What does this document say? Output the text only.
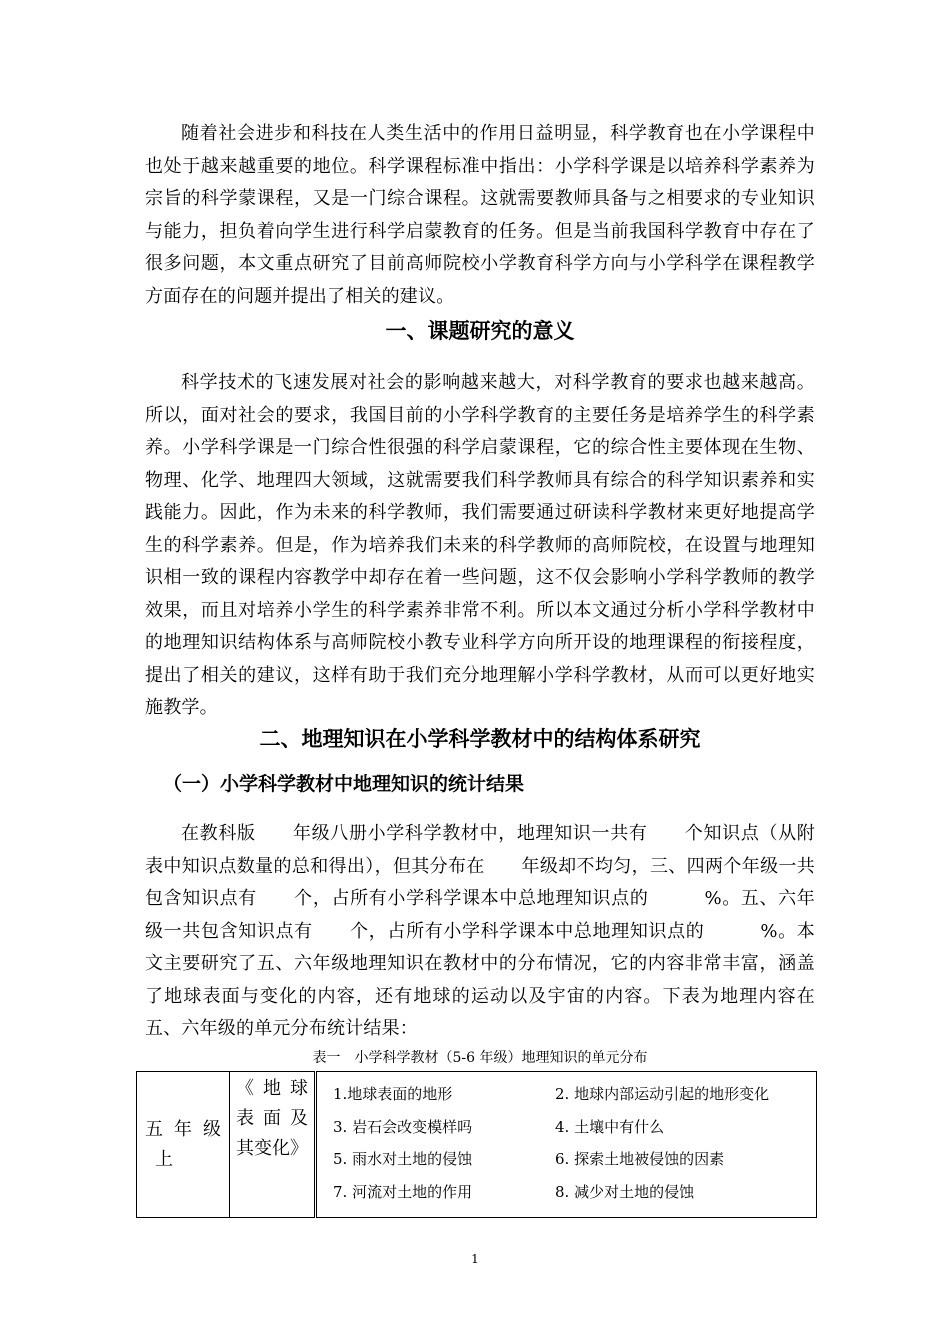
随着社会进步和科技在人类生活中的作用日益明显，科学教育也在小学课程中也处于越来越重要的地位。科学课程标准中指出：小学科学课是以培养科学素养为宗旨的科学蒙课程，又是一门综合课程。这就需要教师具备与之相要求的专业知识与能力，担负着向学生进行科学启蒙教育的任务。但是当前我国科学教育中存在了很多问题，本文重点研究了目前高师院校小学教育科学方向与小学科学在课程教学方面存在的问题并提出了相关的建议。

一、课题研究的意义

科学技术的飞速发展对社会的影响越来越大，对科学教育的要求也越来越高。所以，面对社会的要求，我国目前的小学科学教育的主要任务是培养学生的科学素养。小学科学课是一门综合性很强的科学启蒙课程，它的综合性主要体现在生物、物理、化学、地理四大领域，这就需要我们科学教师具有综合的科学知识素养和实践能力。因此，作为未来的科学教师，我们需要通过研读科学教材来更好地提高学生的科学素养。但是，作为培养我们未来的科学教师的高师院校，在设置与地理知识相一致的课程内容教学中却存在着一些问题，这不仅会影响小学科学教师的教学效果，而且对培养小学生的科学素养非常不利。所以本文通过分析小学科学教材中的地理知识结构体系与高师院校小教专业科学方向所开设的地理课程的衔接程度，提出了相关的建议，这样有助于我们充分地理解小学科学教材，从而可以更好地实施教学。

二、地理知识在小学科学教材中的结构体系研究
（一）小学科学教材中地理知识的统计结果

在教科版　　年级八册小学科学教材中，地理知识一共有　　个知识点（从附表中知识点数量的总和得出），但其分布在　　年级却不均匀，三、四两个年级一共包含知识点有　　个，占所有小学科学课本中总地理知识点的　　　%。五、六年级一共包含知识点有　　个，占所有小学科学课本中总地理知识点的　　　%。本文主要研究了五、六年级地理知识在教材中的分布情况，它的内容非常丰富，涵盖了地球表面与变化的内容，还有地球的运动以及宇宙的内容。下表为地理内容在五、六年级的单元分布统计结果：

表一　小学科学教材（5-6 年级）地理知识的单元分布

五年级
上

《地球
表面及
其变化》

1.地球表面的地形	2. 地球内部运动引起的地形变化
3. 岩石会改变模样吗	4. 土壤中有什么
5. 雨水对土地的侵蚀	6. 探索土地被侵蚀的因素
7. 河流对土地的作用	8. 减少对土地的侵蚀

1
